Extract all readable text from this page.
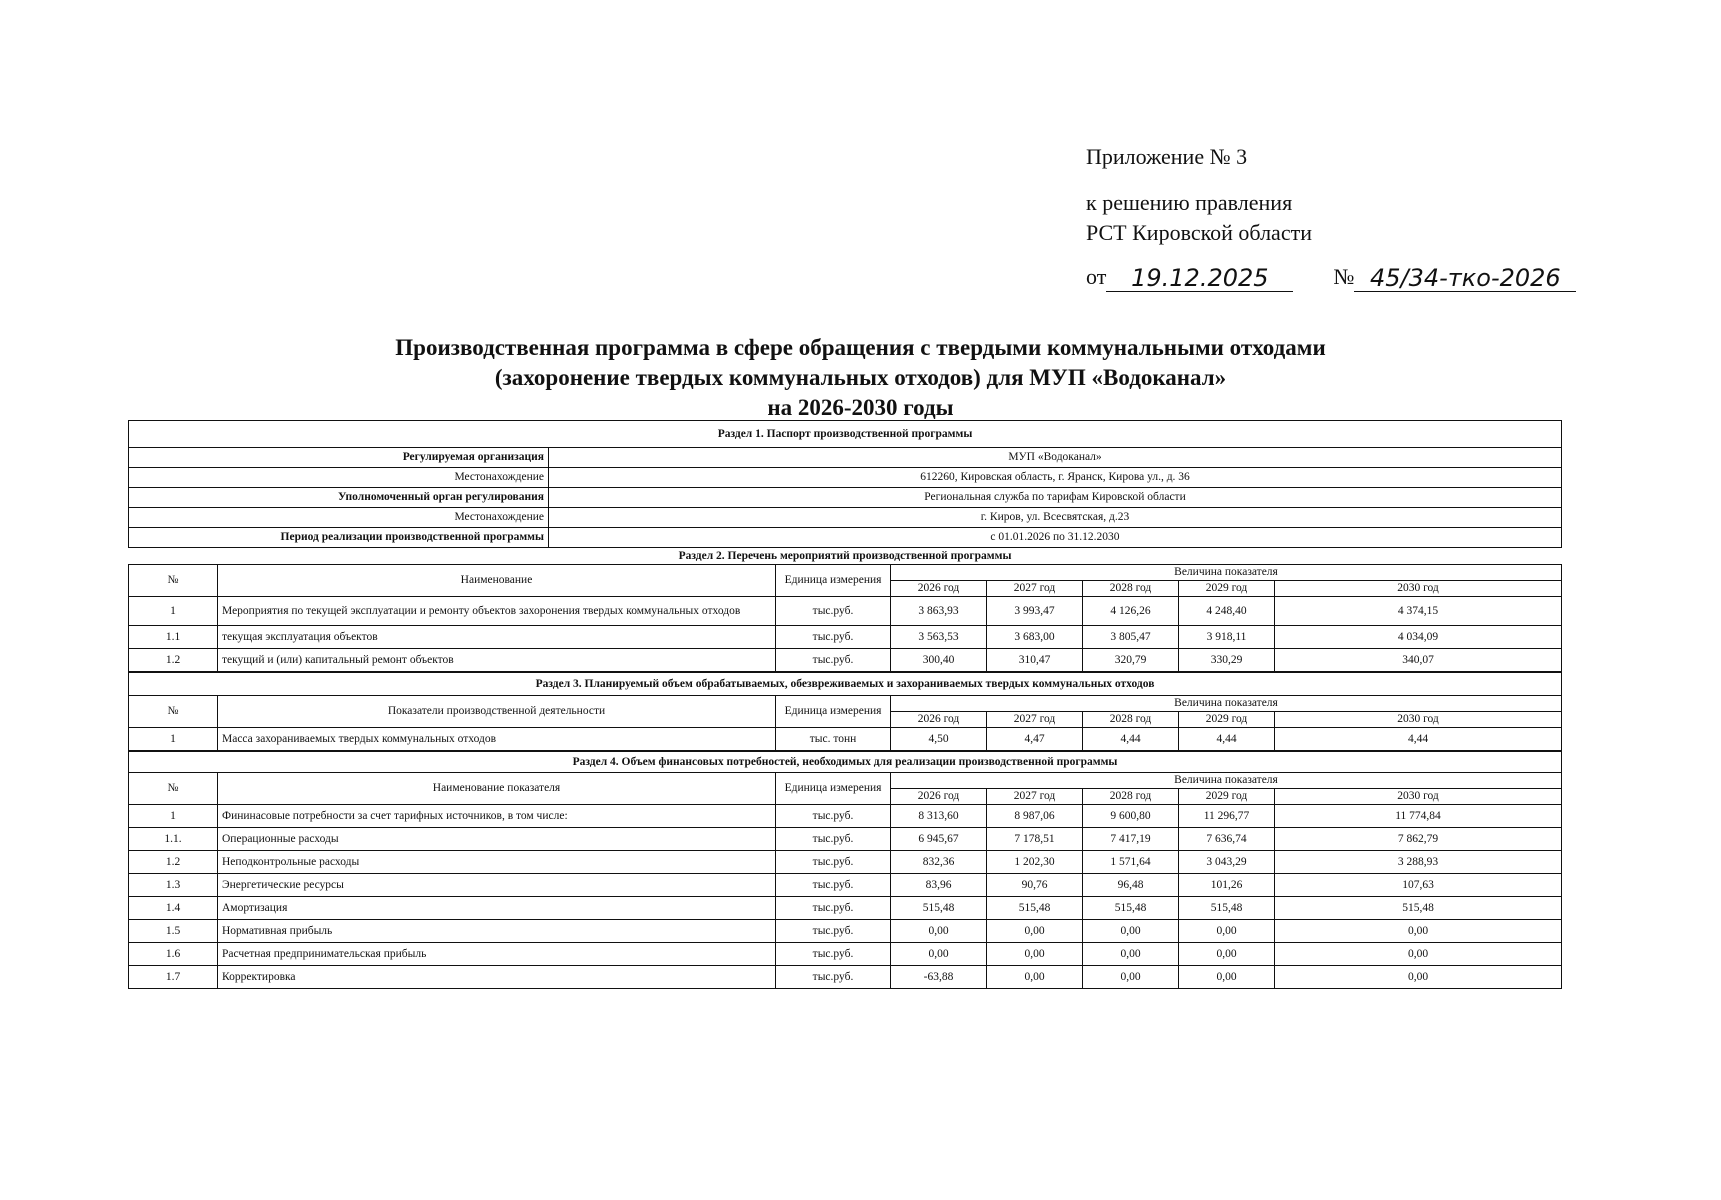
Приложение № 3
к решению правления
РСТ Кировской области
от	19.12.2025	№ 45/34-тко-2026
Производственная программа в сфере обращения с твердыми коммунальными отходами
(захоронение твердых коммунальных отходов) для МУП «Водоканал»
на 2026-2030 годы
Раздел 1. Паспорт производственной программы	
Регулируемая организация	МУП «Водоканал»
Местонахождение	612260, Кировская область, г. Яранск, Кирова ул., д. 36
Уполномоченный орган регулирования	Региональная служба по тарифам Кировской области
Местонахождение	г. Киров, ул. Всесвятская, д.23
Период реализации производственной программы	с 01.01.2026 по 31.12.2030
Раздел 2. Перечень мероприятий производственной программы
№	Наименование	Единица измерения	Величина показателя				
			2026 год	2027 год	2028 год	2029 год	2030 год
1	Мероприятия по текущей эксплуатации и ремонту объектов захоронения твердых коммунальных отходов	тыс.руб.	3 863,93	3 993,47	4 126,26	4 248,40	4 374,15
1.1	текущая эксплуатация объектов	тыс.руб.	3 563,53	3 683,00	3 805,47	3 918,11	4 034,09
1.2	текущий и (или) капитальный ремонт объектов	тыс.руб.	300,40	310,47	320,79	330,29	340,07
Раздел 3. Планируемый объем обрабатываемых, обезвреживаемых и захораниваемых твердых коммунальных отходов							
№	Показатели производственной деятельности	Единица измерения	Величина показателя				
			2026 год	2027 год	2028 год	2029 год	2030 год
1	Масса захораниваемых твердых коммунальных отходов	тыс. тонн	4,50	4,47	4,44	4,44	4,44
Раздел 4. Объем финансовых потребностей, необходимых для реализации производственной программы							
№	Наименование показателя	Единица измерения	Величина показателя				
			2026 год	2027 год	2028 год	2029 год	2030 год
1	Фининасовые потребности за счет тарифных источников, в том числе:	тыс.руб.	8 313,60	8 987,06	9 600,80	11 296,77	11 774,84
1.1.	Операционные расходы	тыс.руб.	6 945,67	7 178,51	7 417,19	7 636,74	7 862,79
1.2	Неподконтрольные расходы	тыс.руб.	832,36	1 202,30	1 571,64	3 043,29	3 288,93
1.3	Энергетические ресурсы	тыс.руб.	83,96	90,76	96,48	101,26	107,63
1.4	Амортизация	тыс.руб.	515,48	515,48	515,48	515,48	515,48
1.5	Нормативная прибыль	тыс.руб.	0,00	0,00	0,00	0,00	0,00
1.6	Расчетная предпринимательская прибыль	тыс.руб.	0,00	0,00	0,00	0,00	0,00
1.7	Корректировка	тыс.руб.	-63,88	0,00	0,00	0,00	0,00
